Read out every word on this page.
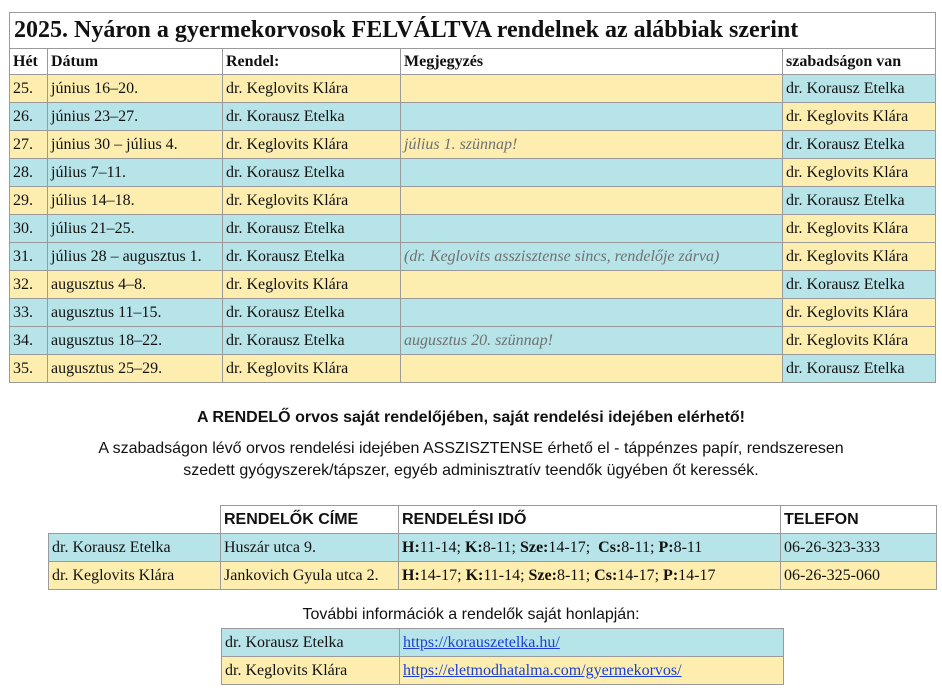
2025. Nyáron a gyermekorvosok FELVÁLTVA rendelnek az alábbiak szerint				
Hét	Dátum	Rendel:	Megjegyzés	szabadságon van
25.	június 16–20.	dr. Keglovits Klára		dr. Korausz Etelka
26.	június 23–27.	dr. Korausz Etelka		dr. Keglovits Klára
27.	június 30 – július 4.	dr. Keglovits Klára	július 1. szünnap!	dr. Korausz Etelka
28.	július 7–11.	dr. Korausz Etelka		dr. Keglovits Klára
29.	július 14–18.	dr. Keglovits Klára		dr. Korausz Etelka
30.	július 21–25.	dr. Korausz Etelka		dr. Keglovits Klára
31.	július 28 – augusztus 1.	dr. Korausz Etelka	(dr. Keglovits asszisztense sincs, rendelője zárva)	dr. Keglovits Klára
32.	augusztus 4–8.	dr. Keglovits Klára		dr. Korausz Etelka
33.	augusztus 11–15.	dr. Korausz Etelka		dr. Keglovits Klára
34.	augusztus 18–22.	dr. Korausz Etelka	augusztus 20. szünnap!	dr. Keglovits Klára
35.	augusztus 25–29.	dr. Keglovits Klára		dr. Korausz Etelka
A RENDELŐ orvos saját rendelőjében, saját rendelési idejében elérhető!
A szabadságon lévő orvos rendelési idejében ASSZISZTENSE érhető el - táppénzes papír, rendszeresen
szedett gyógyszerek/tápszer, egyéb adminisztratív teendők ügyében őt keressék.
	RENDELŐK CÍME	RENDELÉSI IDŐ	TELEFON
dr. Korausz Etelka	Huszár utca 9.	H:11-14; K:8-11; Sze:14-17;  Cs:8-11; P:8-11	06-26-323-333
dr. Keglovits Klára	Jankovich Gyula utca 2.	H:14-17; K:11-14; Sze:8-11; Cs:14-17; P:14-17	06-26-325-060
További információk a rendelők saját honlapján:
dr. Korausz Etelka	https://korauszetelka.hu/
dr. Keglovits Klára	https://eletmodhatalma.com/gyermekorvos/
